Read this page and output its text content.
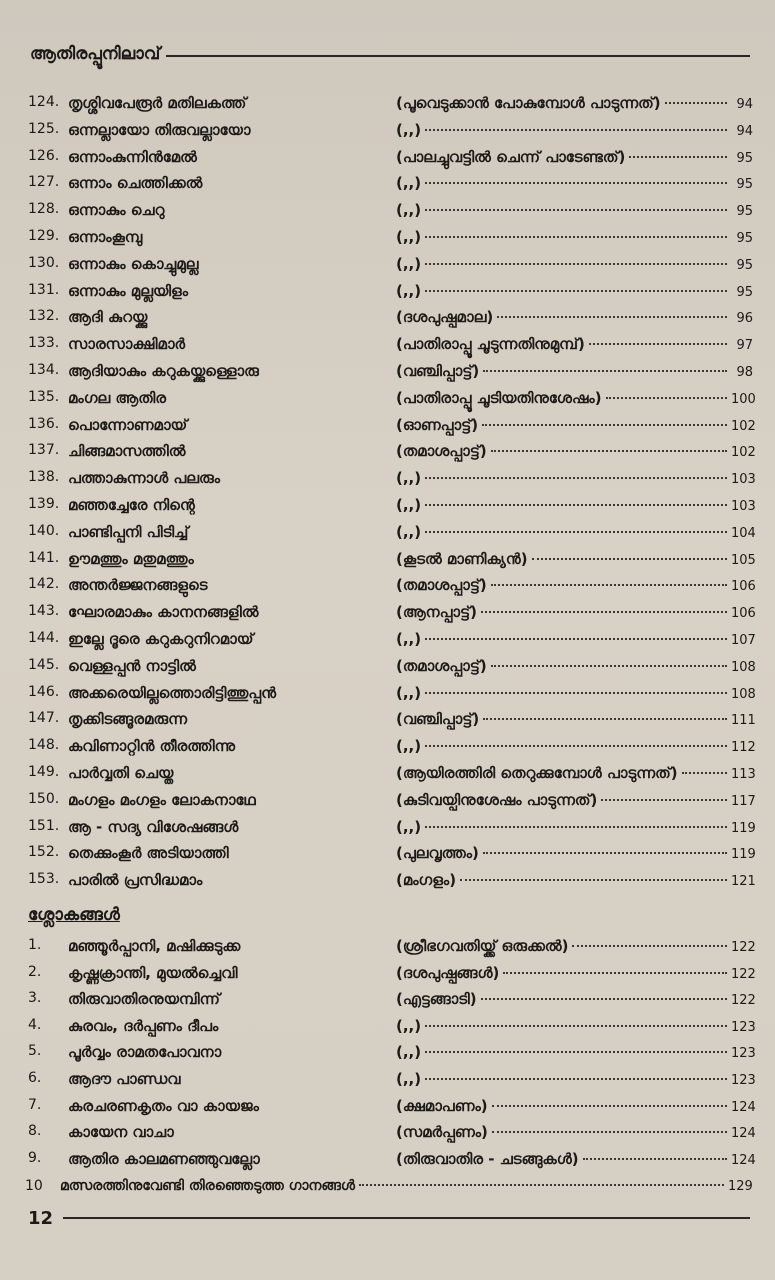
ആതിരപ്പൂനിലാവ്
124. തൃശ്ശിവപേരൂർ മതിലകത്ത്	(പൂവെടുക്കാൻ പോകുമ്പോൾ പാടുന്നത്)	94
125. ഒന്നല്ലായോ തിരുവല്ലായോ	(,,)	94
126. ഒന്നാംകുന്നിൻമേൽ	(പാലച്ചുവട്ടിൽ ചെന്ന് പാടേണ്ടത്)	95
127. ഒന്നാം ചെത്തിക്കൽ	(,,)	95
128. ഒന്നാകും ചെറു	(,,)	95
129. ഒന്നാംകൂമ്പു	(,,)	95
130. ഒന്നാകും കൊച്ചുമുല്ല	(,,)	95
131. ഒന്നാകും മുല്ലയിളം	(,,)	95
132. ആദി കുറയ്ക്കു	(ദശപുഷ്പമാല)	96
133. സാരസാക്ഷിമാർ	(പാതിരാപ്പൂ ചൂടുന്നതിനുമുമ്പ്)	97
134. ആദിയാകും കറുകയ്ക്കുള്ളൊരു	(വഞ്ചിപ്പാട്ട്)	98
135. മംഗല ആതിര	(പാതിരാപ്പൂ ചൂടിയതിനുശേഷം)	100
136. പൊന്നോണമായ്	(ഓണപ്പാട്ട്)	102
137. ചിങ്ങമാസത്തിൽ	(തമാശപ്പാട്ട്)	102
138. പത്താകുന്നാൾ പലരും	(,,)	103
139. മഞ്ഞച്ചേരേ നിന്റെ	(,,)	103
140. പാണ്ടിപ്പനി പിടിച്ച്	(,,)	104
141. ഊമത്തും മതുമത്തും	(കൂടൽ മാണിക്യൻ)	105
142. അന്തർജ്ജനങ്ങളുടെ	(തമാശപ്പാട്ട്)	106
143. ഘോരമാകും കാനനങ്ങളിൽ	(ആനപ്പാട്ട്)	106
144. ഇല്ലേ ദൂരെ കറുകറുനിറമായ്	(,,)	107
145. വെള്ളപ്പൻ നാട്ടിൽ	(തമാശപ്പാട്ട്)	108
146. അക്കരെയില്ലത്തൊരിട്ടിത്തുപ്പൻ	(,,)	108
147. തൃക്കിടങ്ങൂരമരുന്ന	(വഞ്ചിപ്പാട്ട്)	111
148. കവിണാറ്റിൻ തീരത്തിന്നു	(,,)	112
149. പാർവ്വതി ചെയ്ത	(ആയിരത്തിരി തെറുക്കുമ്പോൾ പാടുന്നത്)	113
150. മംഗളം മംഗളം ലോകനാഥേ	(കുടിവയ്പിനുശേഷം പാടുന്നത്)	117
151. ആ - സദ്യ വിശേഷങ്ങൾ	(,,)	119
152. തെക്കുംകൂർ അടിയാത്തി	(പുലവൃത്തം)	119
153. പാരിൽ പ്രസിദ്ധമാം	(മംഗളം)	121
ശ്ലോകങ്ങൾ
1.	മഞ്ഞൂർപ്പാനി, മഷിക്കുടുക്ക	(ശ്രീഭഗവതിയ്ക്ക് ഒരുക്കൽ)	122
2.	കൃഷ്ണക്രാന്തി, മുയൽച്ചെവി	(ദശപുഷ്പങ്ങൾ)	122
3.	തിരുവാതിരനുയമ്പിന്ന്	(എട്ടങ്ങാടി)	122
4.	കുരവം, ദർപ്പണം ദീപം	(,,)	123
5.	പൂർവ്വം രാമതപോവനാ	(,,)	123
6.	ആദൗ പാണ്ഡവ	(,,)	123
7.	കരചരണകൃതം വാ കായജം	(ക്ഷമാപണം)	124
8.	കായേന വാചാ	(സമർപ്പണം)	124
9.	ആതിര കാലമണഞ്ഞുവല്ലോ	(തിരുവാതിര - ചടങ്ങുകൾ)	124
10	മത്സരത്തിനുവേണ്ടി തിരഞ്ഞെടുത്ത ഗാനങ്ങൾ	129
12
